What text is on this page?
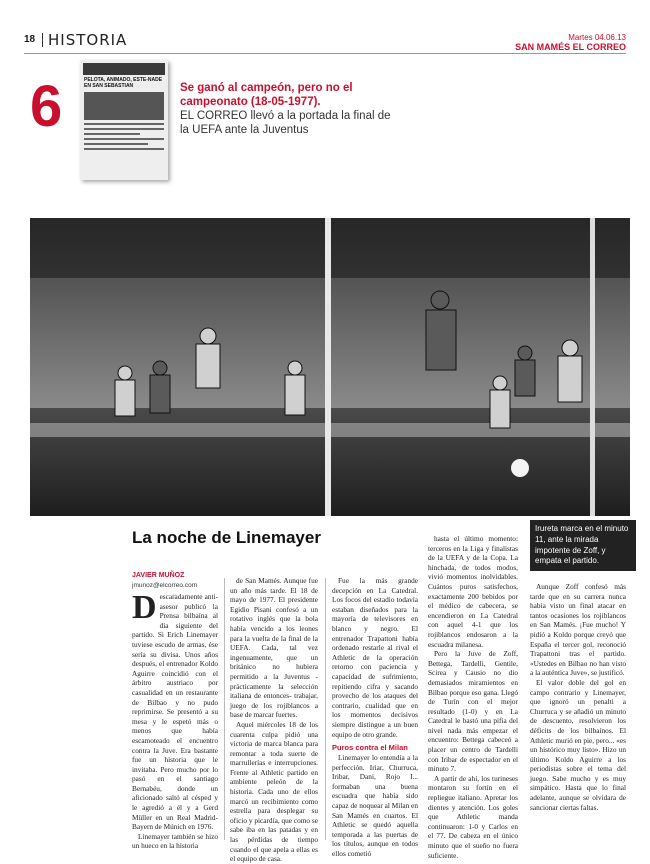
18 HISTORIA	Martes 04.06.13
SAN MAMÉS EL CORREO
6	PELOTA, ANIMADO, ESTE-NADE EN SAN SEBASTIAN	Se ganó al campeón, pero no el campeonato (18-05-1977).
EL CORREO llevó a la portada la final de la UEFA ante la Juventus
Irureta marca en el minuto 11, ante la mirada impotente de Zoff, y empata el partido.
La noche de Linemayer
JAVIER MUÑOZ
jmunoz@elcorreo.com
D escaradamente anti-asesor publicó la Prensa bilbaína al día siguiente del partido. Si Erich Linemayer tuviese escudo de armas, ése sería su divisa. Unos años después, el entrenador Koldo Aguirre coincidió con el árbitro austriaco por casualidad en un restaurante de Bilbao y no pudo reprimirse. Se presentó a su mesa y le espetó más o menos que había escamoteado el encuentro contra la Juve. Era bastante fue un historia que le invitaba. Pero mucho por lo pasó en el santiago Bernabéu, donde un aficionado saltó al césped y le agredió a él y a Gerd Müller en un Real Madrid-Bayern de Múnich en 1976.

Linemayer también se hizo un hueco en la historia

de San Mamés. Aunque fue un año más tarde. El 18 de mayo de 1977. El presidente Egidio Pisani confesó a un rotativo inglés que la bola había vencido a los leones para la vuelta de la final de la UEFA. Cada, tal vez ingenuamente, que un británico no hubiera permitido a la Juventus -prácticamente la selección italiana de entonces- trabajar, juego de los rojiblancos a base de marcar fuertes.

Aquel miércoles 18 de los cuarenta culpa pidió una victoria de marca blanca para remontar a toda suerte de marrullerías e interrupciones. Frente al Athletic partido en ambiente peleón de la historia. Cada uno de ellos marcó un recibimiento como estrella para desplegar su oficio y picardía, que como se sabe iba en las patadas y en las pérdidas de tiempo cuando el que apela a ellas es el equipo de casa.

Fue la más grande decepción en La Catedral. Los focos del estadio todavía estaban diseñados para la mayoría de televisores en blanco y negro. El entrenador Trapattoni había ordenado restarle al rival el Athletic de la operación retorno con paciencia y capacidad de sufrimiento, repitiendo cifra y sacando provecho de los ataques del contrario, cualidad que en los momentos decisivos siempre distingue a un buen equipo de otro grande.

Puros contra el Milan

Linemayer lo entendía a la perfección. Iriar, Churruca, Iribar, Dani, Rojo I... formaban una buena escuadra que había sido capaz de noquear al Milan en San Mamés en cuartos. El Athletic se quedó aquella temporada a las puertas de los títulos, aunque en todos ellos cometió

hasta el último momento: terceros en la Liga y finalistas de la UEFA y de la Copa. La hinchada, de todos modos, vivió momentos inolvidables. Cuántos puros satisfechos, exactamente 200 bebidos por el médico de cabecera, se encendieron en La Catedral con aquel 4-1 que los rojiblancos endosaron a la escuadra milanesa.

Pero la Juve de Zoff, Bettega, Tardelli, Gentile, Scirea y Causio no dio demasiados miramientos en Bilbao porque eso gana. Llegó de Turín con el mejor resultado (1-0) y en La Catedral le bastó una pifia del nivel nada más empezar el encuentro: Bettega cabeceó a placer un centro de Tardelli con Iribar de espectador en el minuto 7.

A partir de ahí, los turineses montaron su fortín en el repliegue italiano. Apretar los dientes y atención. Los goles que Athletic manda continuaron: 1-0 y Carlos en el 77. De cabeza en el único minuto que el sueño no fuera suficiente.

Aunque Zoff confesó más tarde que en su carrera nunca había visto un final atacar en tantos ocasiones los rojiblancos en San Mamés. ¡Fue mucho! Y pidió a Koldo porque creyó que España el tercer gol, reconoció Trapattoni tras el partido. «Ustedes en Bilbao no han visto a la auténtica Juve», se justificó.

El valor doble del gol en campo contrario y Linemayer, que ignoró un penalti a Churruca y se añadió un minuto de descuento, resolvieron los déficits de los bilbaínos. El Athletic murió en pie, pero... «es un histórico muy listo». Hizo un último Koldo Aguirre a los periodistas sobre el tema del juego. Sabe mucho y es muy simpático. Hasta que lo final adelante, aunque se olvidara de sancionar ciertas faltas.
